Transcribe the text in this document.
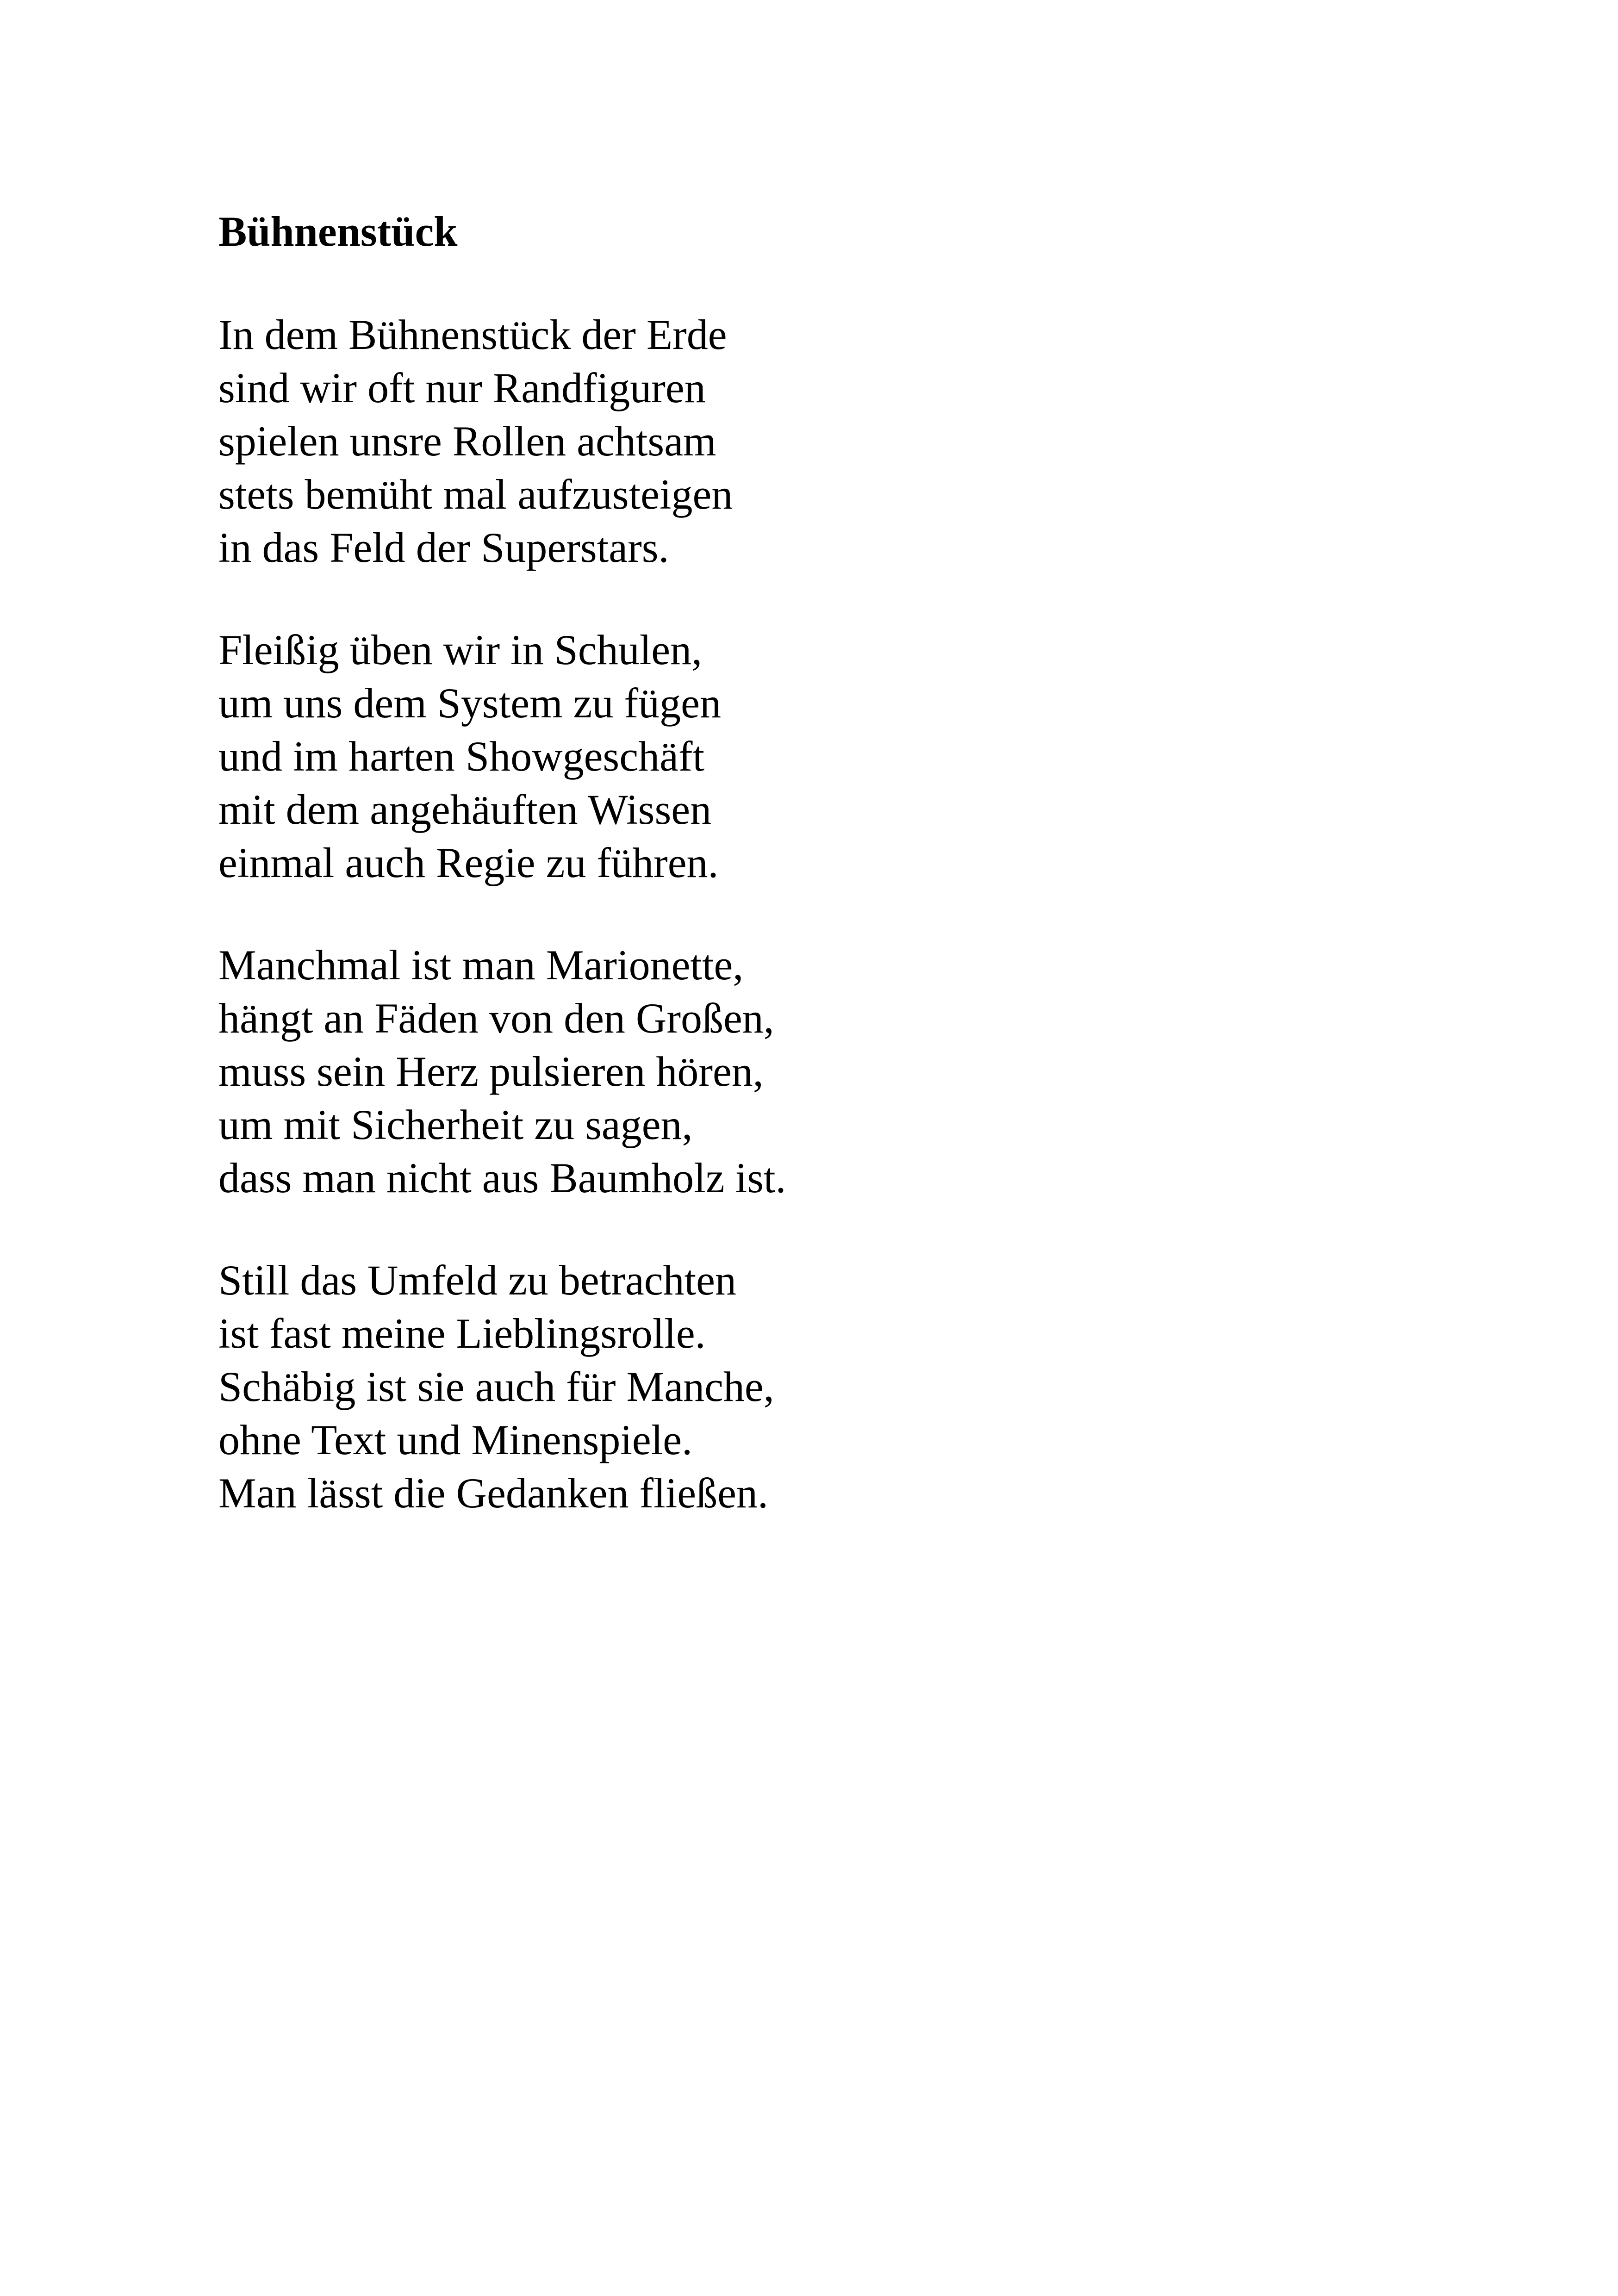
Bühnenstück
In dem Bühnenstück der Erde
sind wir oft nur Randfiguren
spielen unsre Rollen achtsam
stets bemüht mal aufzusteigen
in das Feld der Superstars.
Fleißig üben wir in Schulen,
um uns dem System zu fügen
und im harten Showgeschäft
mit dem angehäuften Wissen
einmal auch Regie zu führen.
Manchmal ist man Marionette,
hängt an Fäden von den Großen,
muss sein Herz pulsieren hören,
um mit Sicherheit zu sagen,
dass man nicht aus Baumholz ist.
Still das Umfeld zu betrachten
ist fast meine Lieblingsrolle.
Schäbig ist sie auch für Manche,
ohne Text und Minenspiele.
Man lässt die Gedanken fließen.
